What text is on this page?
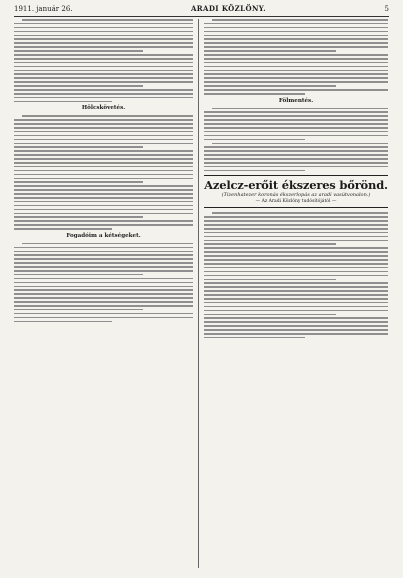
1911. január 26.	ARADI KÖZLÖNY.	5
Hölcskövetés.
Fogadóim a kétségeket.
Fölmentés.
Azelcz-erőit ékszeres bőrönd.
(Tizenhatezer koronás ékszerlopás az aradi vasútvonalon.)
— Az Aradi Közlöny tudósítójától —
